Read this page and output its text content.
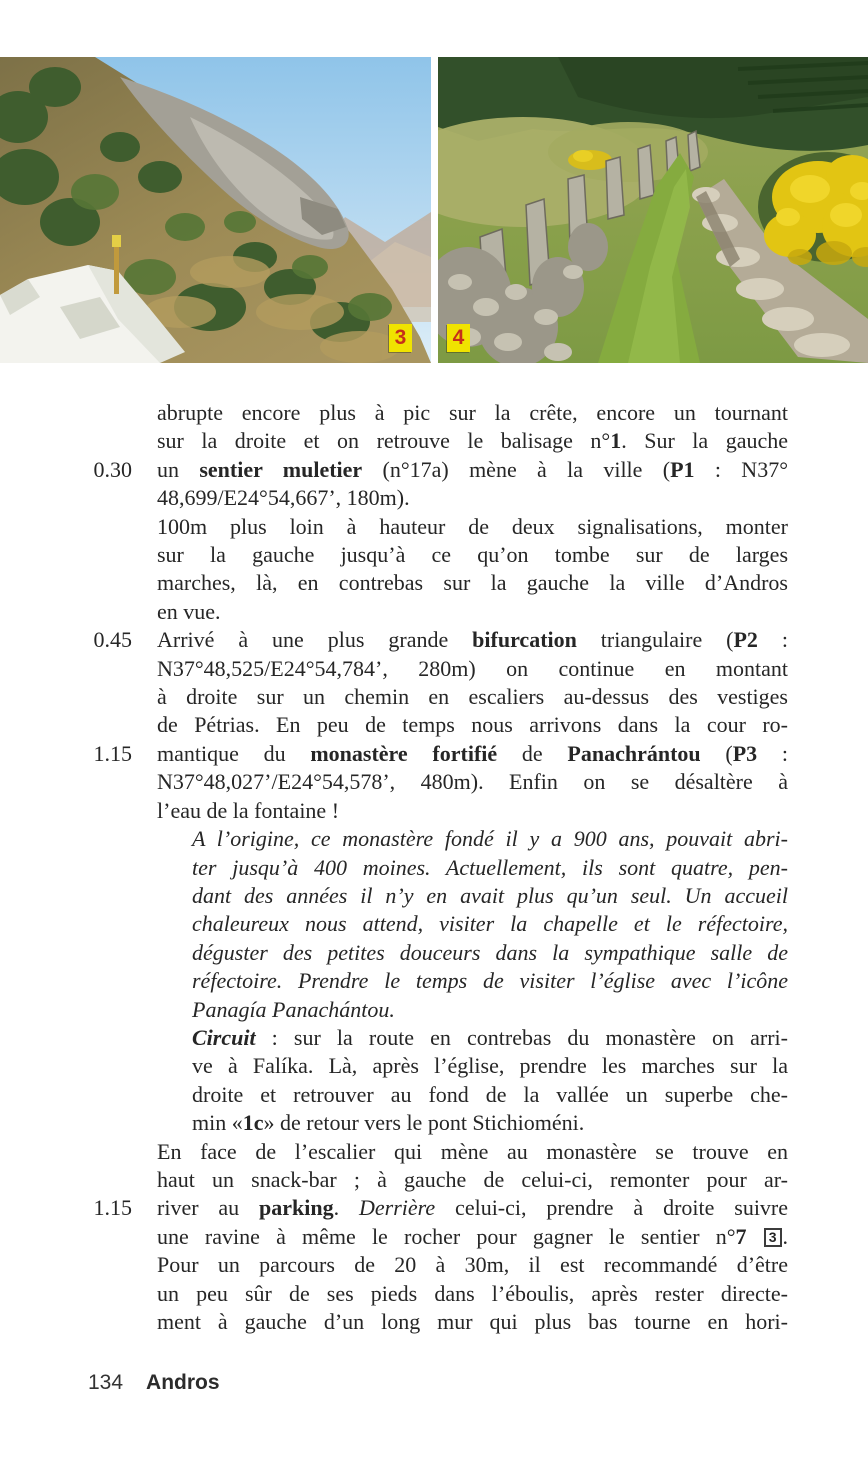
3 4
abrupte encore plus à pic sur la crête, encore un tournant
sur la droite et on retrouve le balisage n°1. Sur la gauche
0.30	un sentier muletier (n°17a) mène à la ville (P1 : N37°
48,699/E24°54,667’, 180m).
100m plus loin à hauteur de deux signalisations, monter
sur la gauche jusqu’à ce qu’on tombe sur de larges
marches, là, en contrebas sur la gauche la ville d’Andros
en vue.
0.45	Arrivé à une plus grande bifurcation triangulaire (P2 :
N37°48,525/E24°54,784’, 280m) on continue en montant
à droite sur un chemin en escaliers au-dessus des vestiges
de Pétrias. En peu de temps nous arrivons dans la cour ro-
1.15	mantique du monastère fortifié de Panachrántou (P3 :
N37°48,027’/E24°54,578’, 480m). Enfin on se désaltère à
l’eau de la fontaine !
A l’origine, ce monastère fondé il y a 900 ans, pouvait abri-
ter jusqu’à 400 moines. Actuellement, ils sont quatre, pen-
dant des années il n’y en avait plus qu’un seul. Un accueil
chaleureux nous attend, visiter la chapelle et le réfectoire,
déguster des petites douceurs dans la sympathique salle de
réfectoire. Prendre le temps de visiter l’église avec l’icône
Panagía Panachántou.
Circuit : sur la route en contrebas du monastère on arri-
ve à Falíka. Là, après l’église, prendre les marches sur la
droite et retrouver au fond de la vallée un superbe che-
min «1c» de retour vers le pont Stichioméni.
En face de l’escalier qui mène au monastère se trouve en
haut un snack-bar ; à gauche de celui-ci, remonter pour ar-
1.15	river au parking. Derrière celui-ci, prendre à droite suivre
une ravine à même le rocher pour gagner le sentier n°7 3 .
Pour un parcours de 20 à 30m, il est recommandé d’être
un peu sûr de ses pieds dans l’éboulis, après rester directe-
ment à gauche d’un long mur qui plus bas tourne en hori-
134 Andros
